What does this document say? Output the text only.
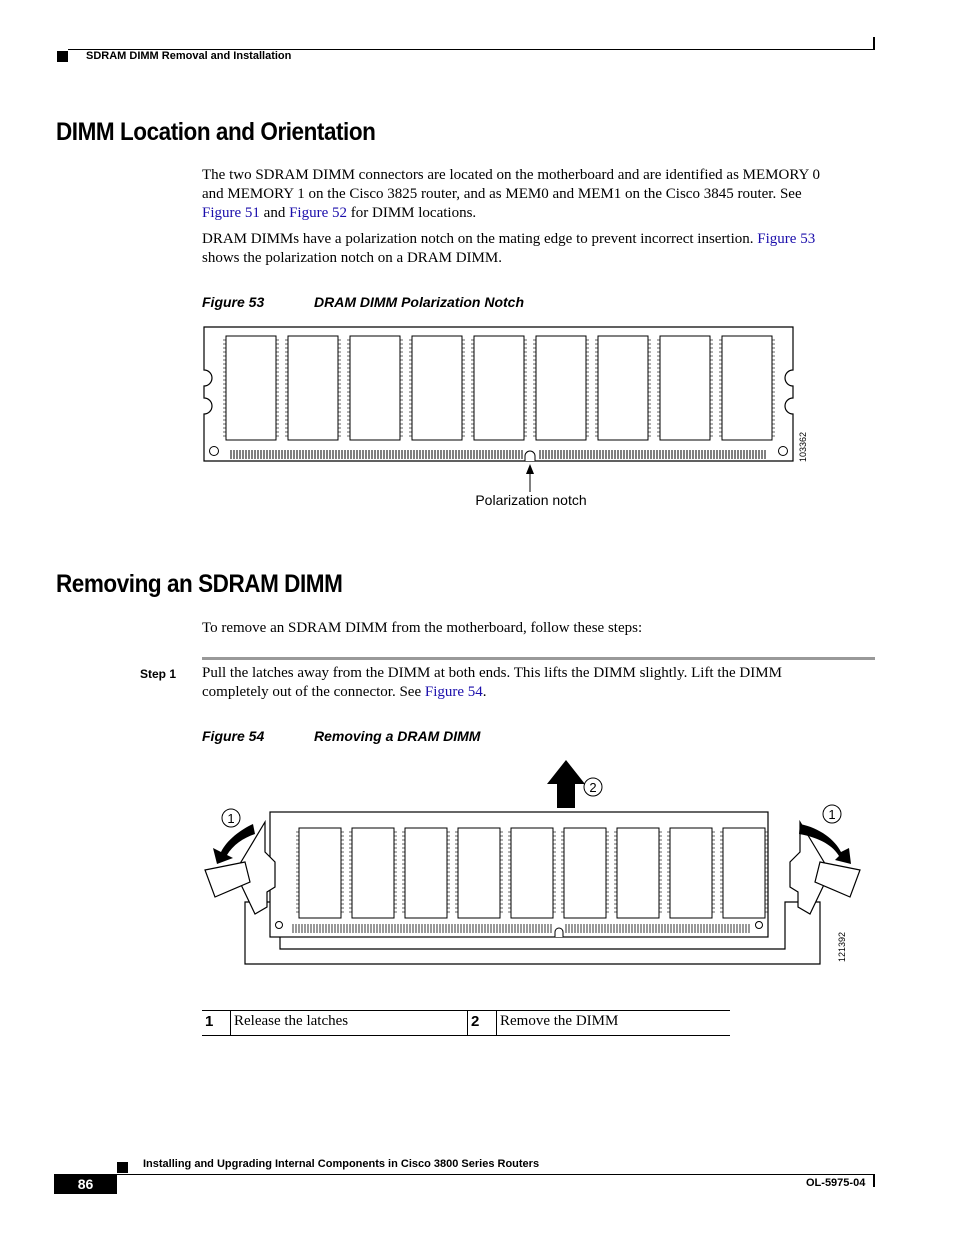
SDRAM DIMM Removal and Installation
DIMM Location and Orientation
The two SDRAM DIMM connectors are located on the motherboard and are identified as MEMORY 0
and MEMORY 1 on the Cisco 3825 router, and as MEM0 and MEM1 on the Cisco 3845 router. See
Figure 51 and Figure 52 for DIMM locations.
DRAM DIMMs have a polarization notch on the mating edge to prevent incorrect insertion. Figure 53
shows the polarization notch on a DRAM DIMM.
Figure 53	DRAM DIMM Polarization Notch
Polarization notch
103362
Removing an SDRAM DIMM
To remove an SDRAM DIMM from the motherboard, follow these steps:
Step 1 Pull the latches away from the DIMM at both ends. This lifts the DIMM slightly. Lift the DIMM
completely out of the connector. See Figure 54.
Figure 54	Removing a DRAM DIMM
1	1
2
121392
1	Release the latches	2	Remove the DIMM
Installing and Upgrading Internal Components in Cisco 3800 Series Routers
86	OL-5975-04
